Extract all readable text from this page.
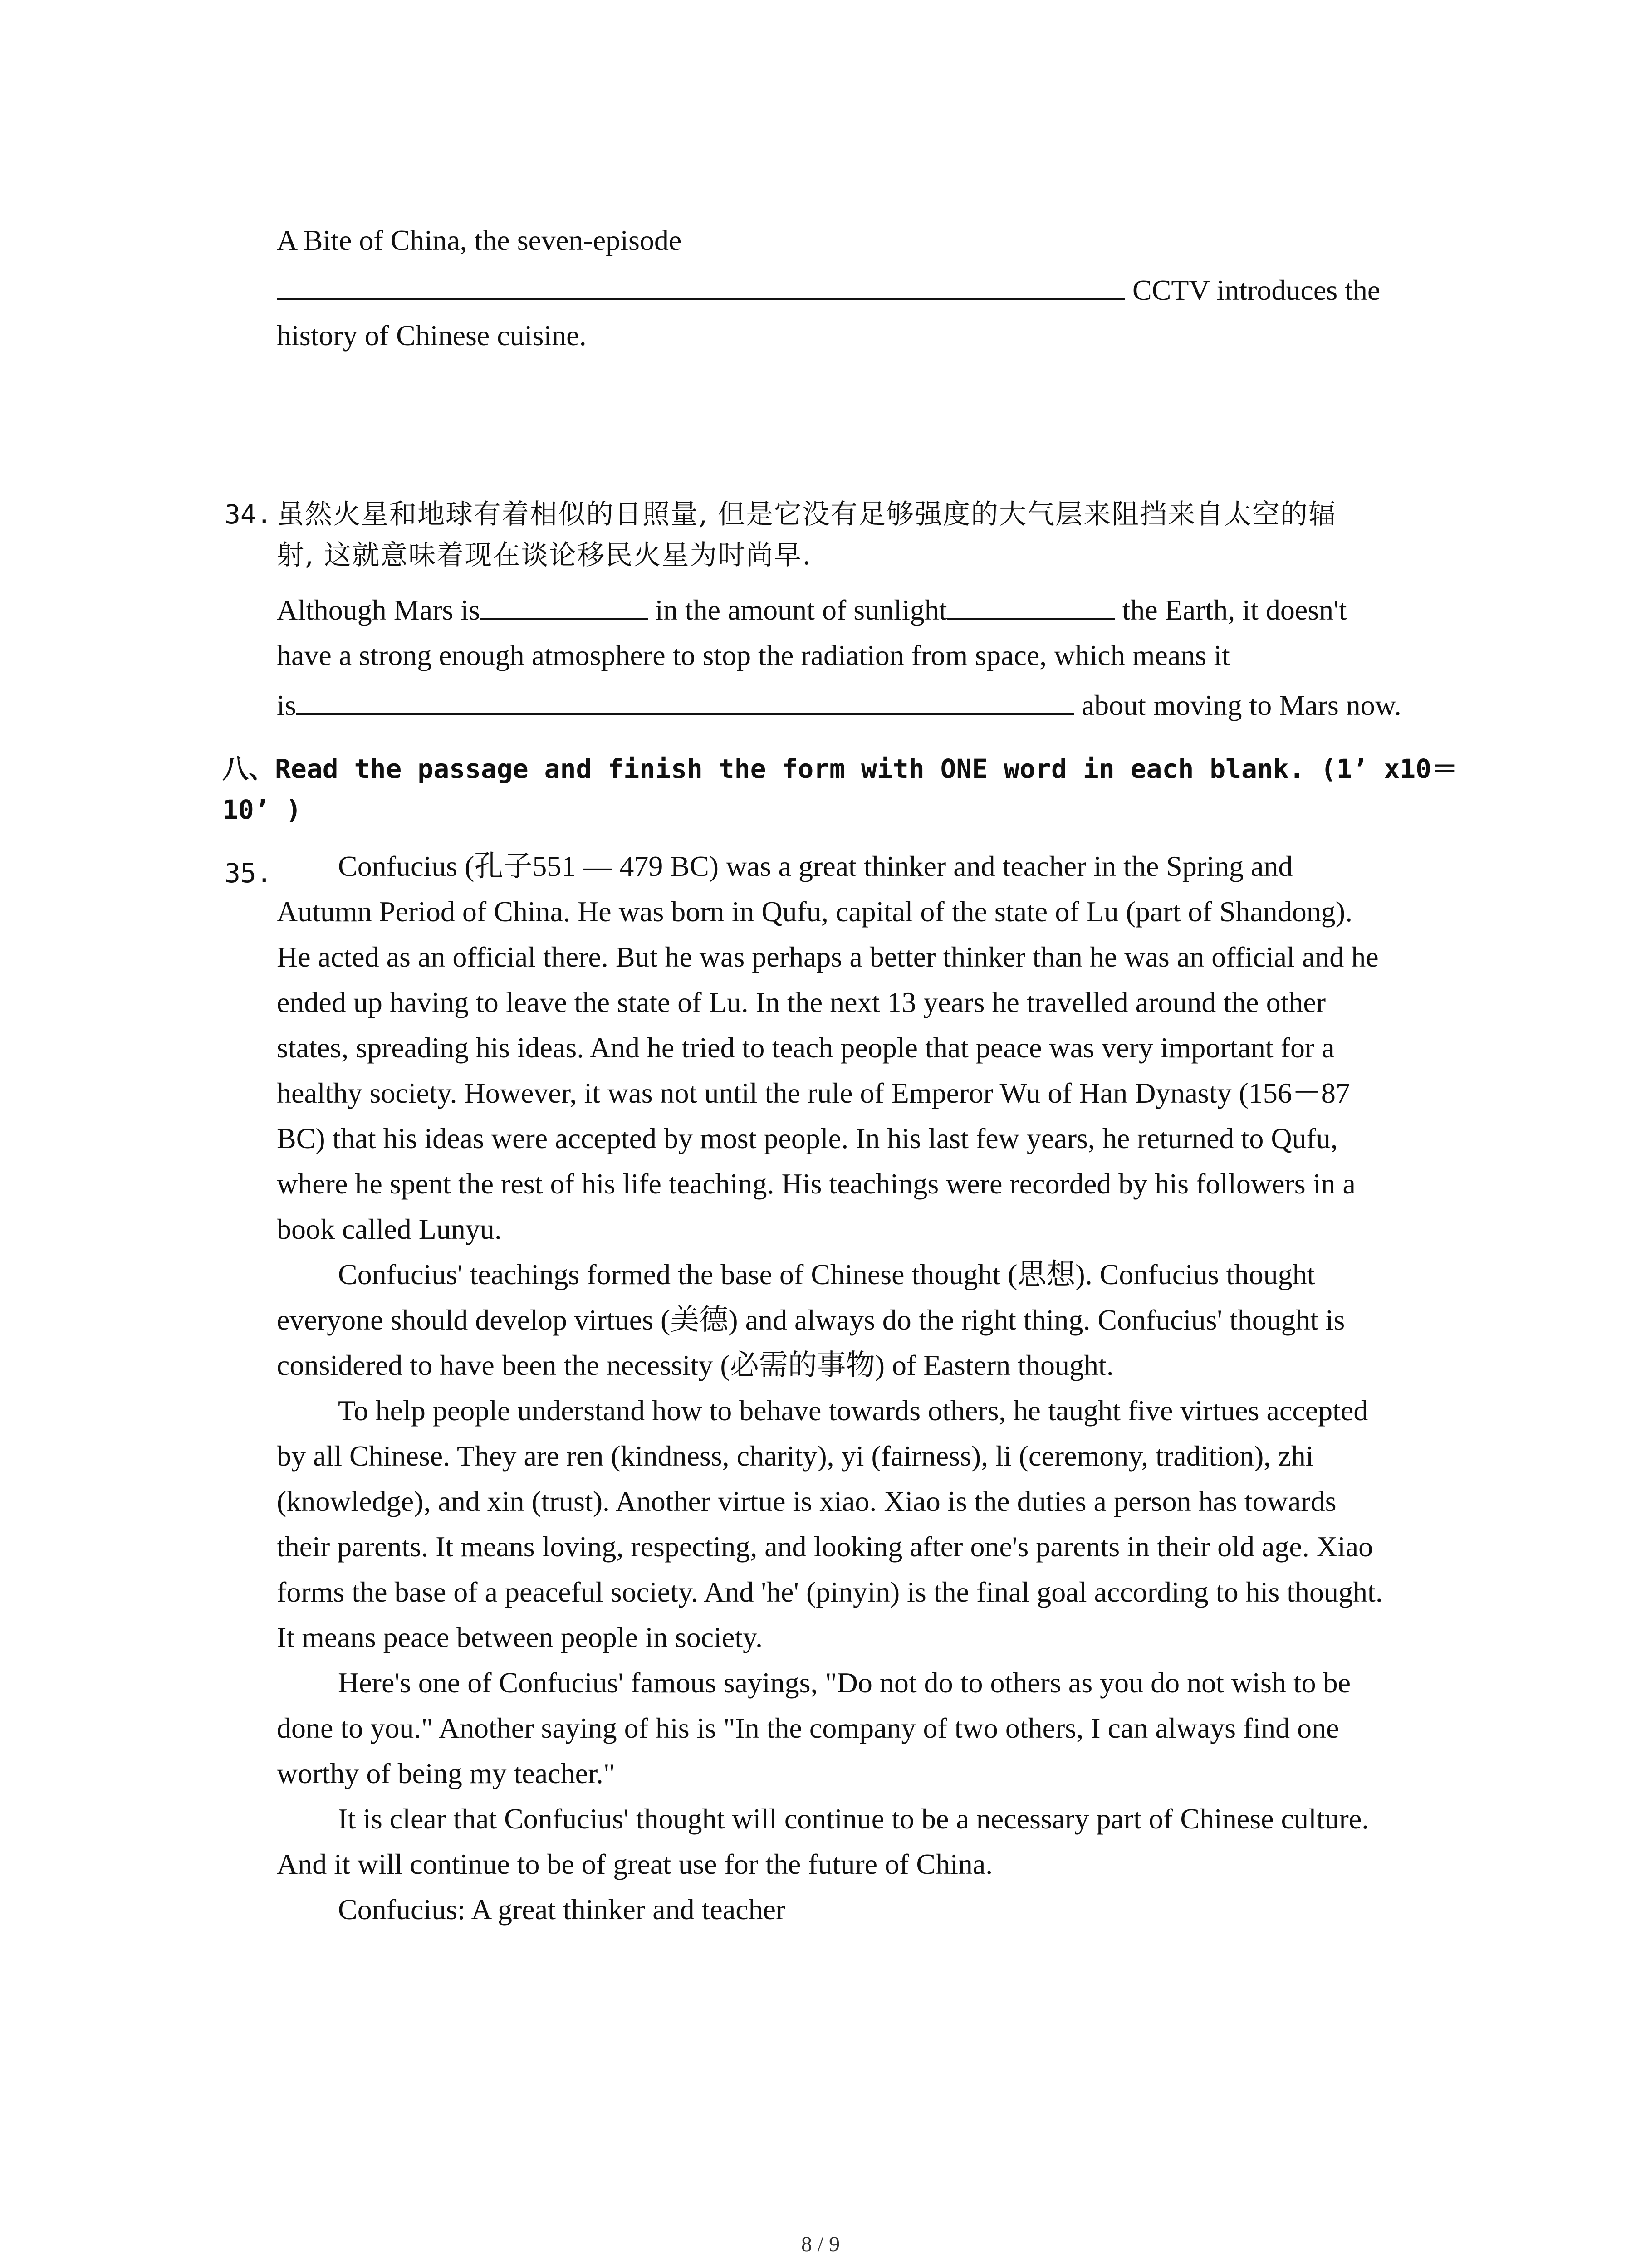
A Bite of China, the seven-episode
CCTV introduces the
history of Chinese cuisine.
34. 虽然火星和地球有着相似的日照量, 但是它没有足够强度的大气层来阻挡来自太空的辐
射, 这就意味着现在谈论移民火星为时尚早.
Although Mars is	in the amount of sunlight	the Earth, it doesn't
have a strong enough atmosphere to stop the radiation from space, which means it
is	about moving to Mars now.
八、Read the passage and finish the form with ONE word in each blank. (1’ x10＝
10’ )
35.	Confucius (孔子551 — 479 BC) was a great thinker and teacher in the Spring and
Autumn Period of China. He was born in Qufu, capital of the state of Lu (part of Shandong).
He acted as an official there. But he was perhaps a better thinker than he was an official and he
ended up having to leave the state of Lu. In the next 13 years he travelled around the other
states, spreading his ideas. And he tried to teach people that peace was very important for a
healthy society. However, it was not until the rule of Emperor Wu of Han Dynasty (156－87
BC) that his ideas were accepted by most people. In his last few years, he returned to Qufu,
where he spent the rest of his life teaching. His teachings were recorded by his followers in a
book called Lunyu.
Confucius' teachings formed the base of Chinese thought (思想). Confucius thought
everyone should develop virtues (美德) and always do the right thing. Confucius' thought is
considered to have been the necessity (必需的事物) of Eastern thought.
To help people understand how to behave towards others, he taught five virtues accepted
by all Chinese. They are ren (kindness, charity), yi (fairness), li (ceremony, tradition), zhi
(knowledge), and xin (trust). Another virtue is xiao. Xiao is the duties a person has towards
their parents. It means loving, respecting, and looking after one's parents in their old age. Xiao
forms the base of a peaceful society. And 'he' (pinyin) is the final goal according to his thought.
It means peace between people in society.
Here's one of Confucius' famous sayings, "Do not do to others as you do not wish to be
done to you." Another saying of his is "In the company of two others, I can always find one
worthy of being my teacher."
It is clear that Confucius' thought will continue to be a necessary part of Chinese culture.
And it will continue to be of great use for the future of China.
Confucius: A great thinker and teacher
8 / 9
